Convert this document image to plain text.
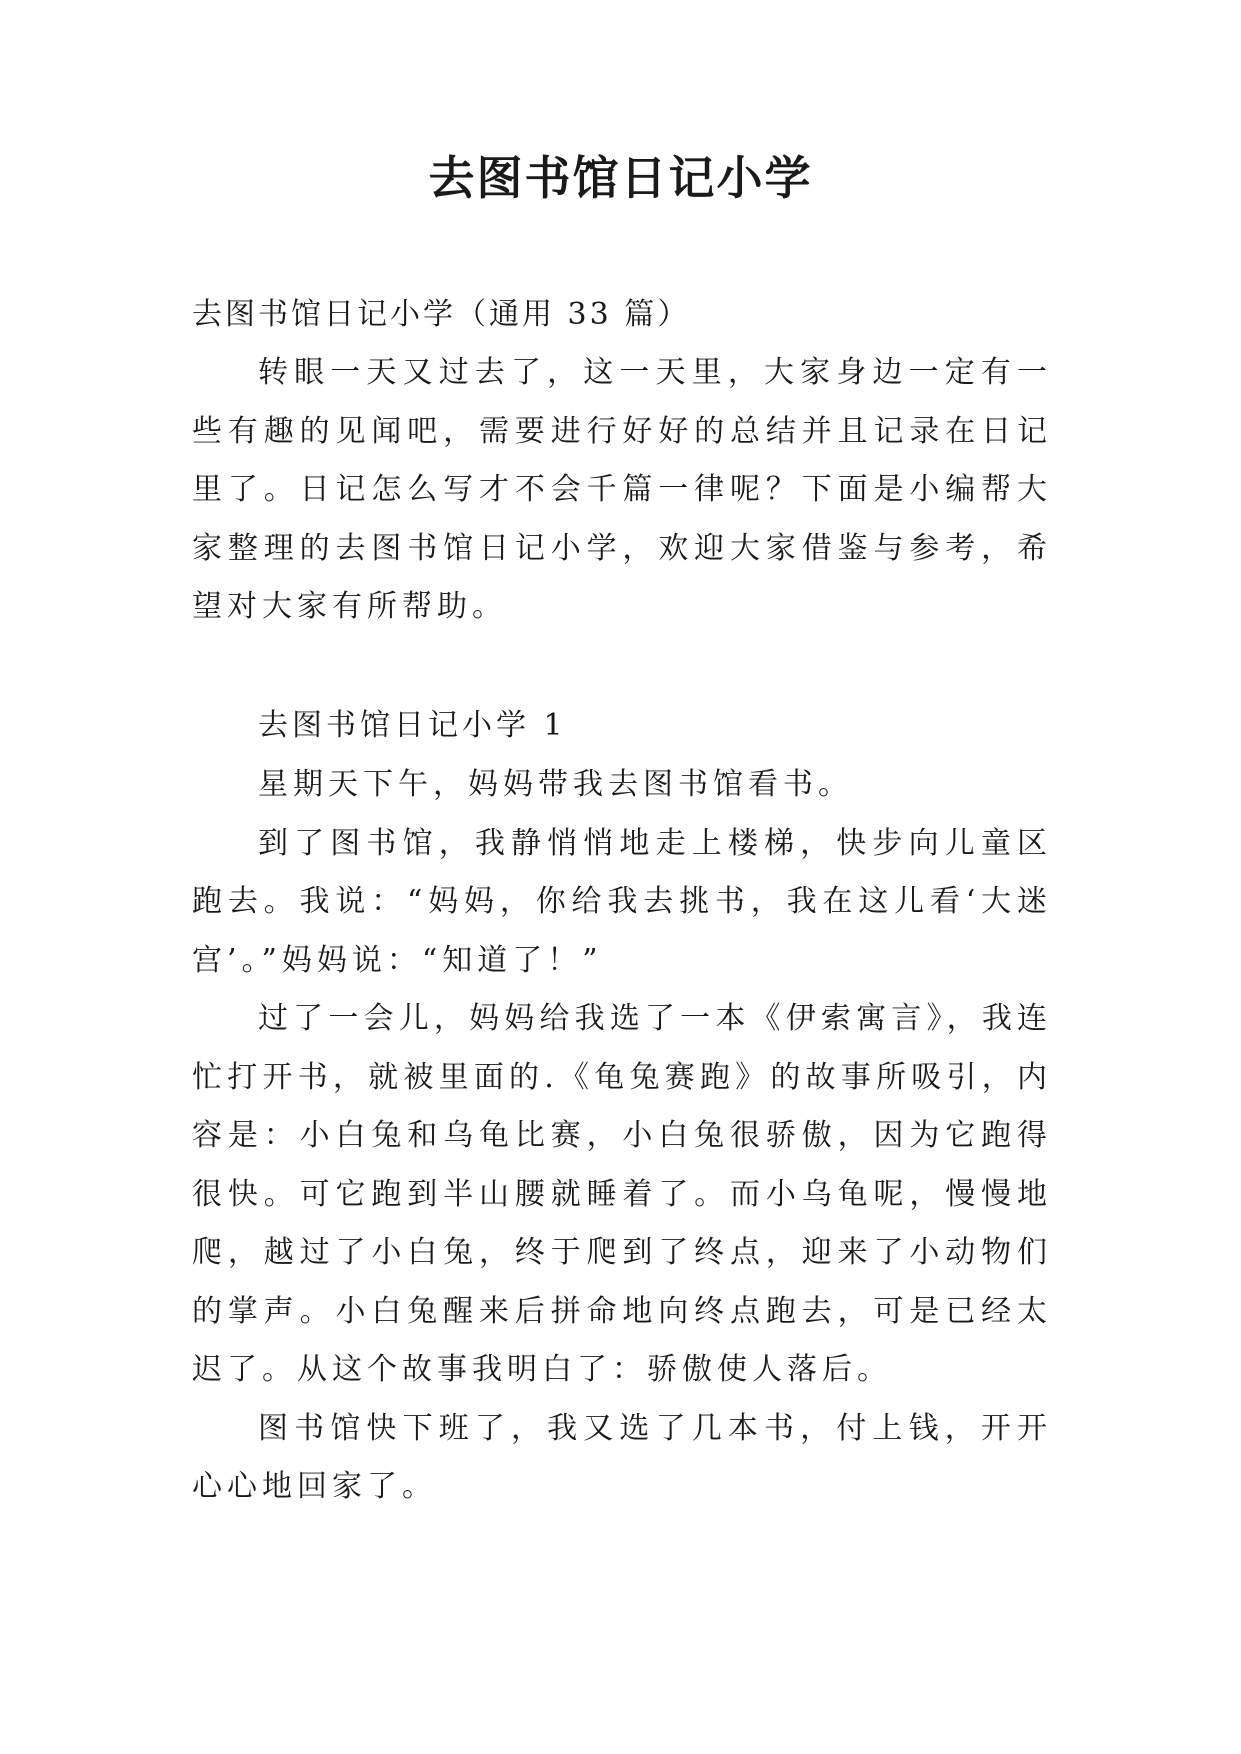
去图书馆日记小学

去图书馆日记小学（通用 33 篇）

转眼一天又过去了，这一天里，大家身边一定有一些有趣的见闻吧，需要进行好好的总结并且记录在日记里了。日记怎么写才不会千篇一律呢？下面是小编帮大家整理的去图书馆日记小学，欢迎大家借鉴与参考，希望对大家有所帮助。

去图书馆日记小学 1

星期天下午，妈妈带我去图书馆看书。

到了图书馆，我静悄悄地走上楼梯，快步向儿童区跑去。我说：“妈妈，你给我去挑书，我在这儿看‘大迷宫’。”妈妈说：“知道了！”

过了一会儿，妈妈给我选了一本《伊索寓言》，我连忙打开书，就被里面的.《龟兔赛跑》的故事所吸引，内容是：小白兔和乌龟比赛，小白兔很骄傲，因为它跑得很快。可它跑到半山腰就睡着了。而小乌龟呢，慢慢地爬，越过了小白兔，终于爬到了终点，迎来了小动物们的掌声。小白兔醒来后拼命地向终点跑去，可是已经太迟了。从这个故事我明白了：骄傲使人落后。

图书馆快下班了，我又选了几本书，付上钱，开开心心地回家了。
